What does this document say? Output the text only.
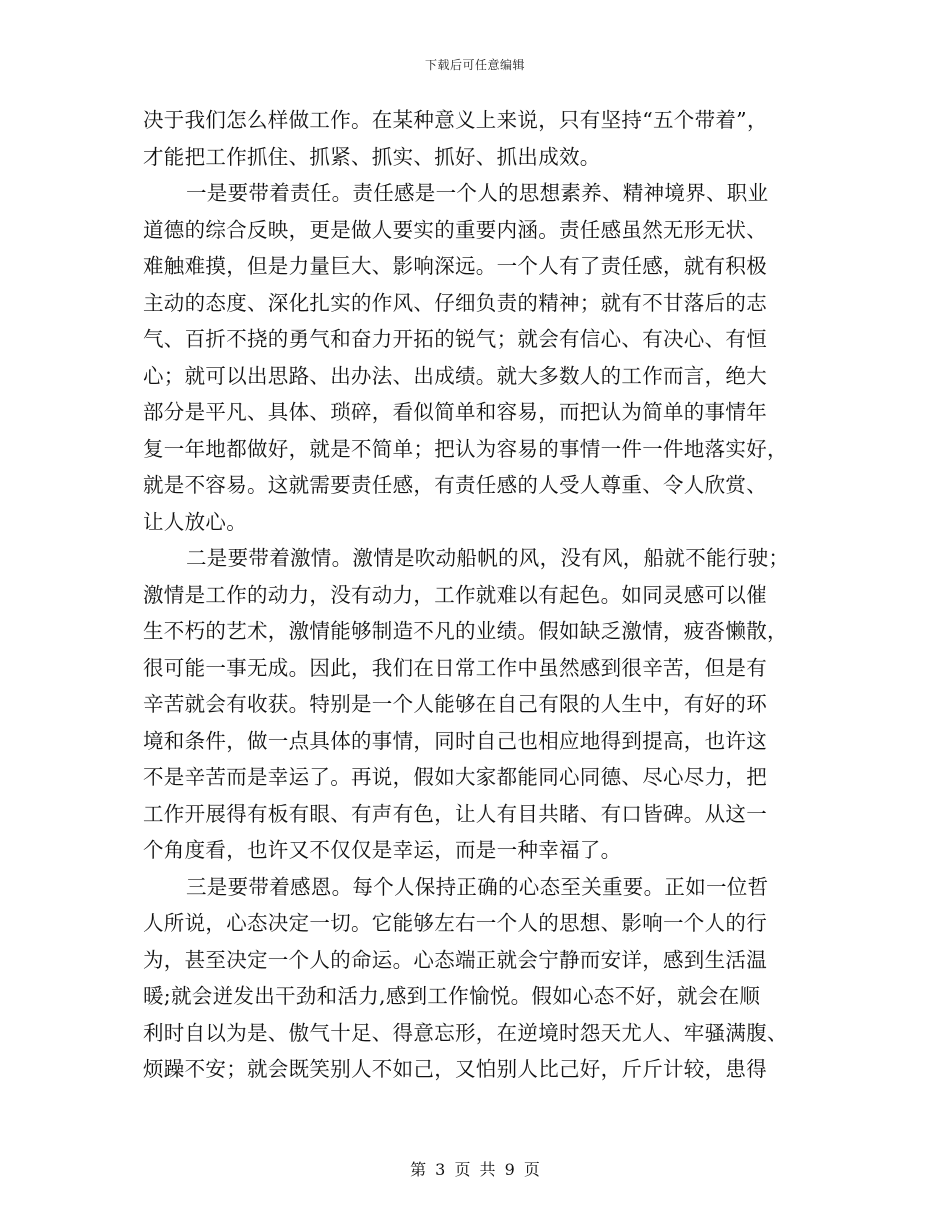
下载后可任意编辑
决于我们怎么样做工作。在某种意义上来说，只有坚持“五个带着”，
才能把工作抓住、抓紧、抓实、抓好、抓出成效。
一是要带着责任。责任感是一个人的思想素养、精神境界、职业
道德的综合反映，更是做人要实的重要内涵。责任感虽然无形无状、
难触难摸，但是力量巨大、影响深远。一个人有了责任感，就有积极
主动的态度、深化扎实的作风、仔细负责的精神；就有不甘落后的志
气、百折不挠的勇气和奋力开拓的锐气；就会有信心、有决心、有恒
心；就可以出思路、出办法、出成绩。就大多数人的工作而言，绝大
部分是平凡、具体、琐碎，看似简单和容易，而把认为简单的事情年
复一年地都做好，就是不简单；把认为容易的事情一件一件地落实好，
就是不容易。这就需要责任感，有责任感的人受人尊重、令人欣赏、
让人放心。
二是要带着激情。激情是吹动船帆的风，没有风，船就不能行驶；
激情是工作的动力，没有动力，工作就难以有起色。如同灵感可以催
生不朽的艺术，激情能够制造不凡的业绩。假如缺乏激情，疲沓懒散，
很可能一事无成。因此，我们在日常工作中虽然感到很辛苦，但是有
辛苦就会有收获。特别是一个人能够在自己有限的人生中，有好的环
境和条件，做一点具体的事情，同时自己也相应地得到提高，也许这
不是辛苦而是幸运了。再说，假如大家都能同心同德、尽心尽力，把
工作开展得有板有眼、有声有色，让人有目共睹、有口皆碑。从这一
个角度看，也许又不仅仅是幸运，而是一种幸福了。
三是要带着感恩。每个人保持正确的心态至关重要。正如一位哲
人所说，心态决定一切。它能够左右一个人的思想、影响一个人的行
为，甚至决定一个人的命运。心态端正就会宁静而安详，感到生活温
暖;就会迸发出干劲和活力,感到工作愉悦。假如心态不好，就会在顺
利时自以为是、傲气十足、得意忘形，在逆境时怨天尤人、牢骚满腹、
烦躁不安；就会既笑别人不如己，又怕别人比己好，斤斤计较，患得
第 3 页 共 9 页
